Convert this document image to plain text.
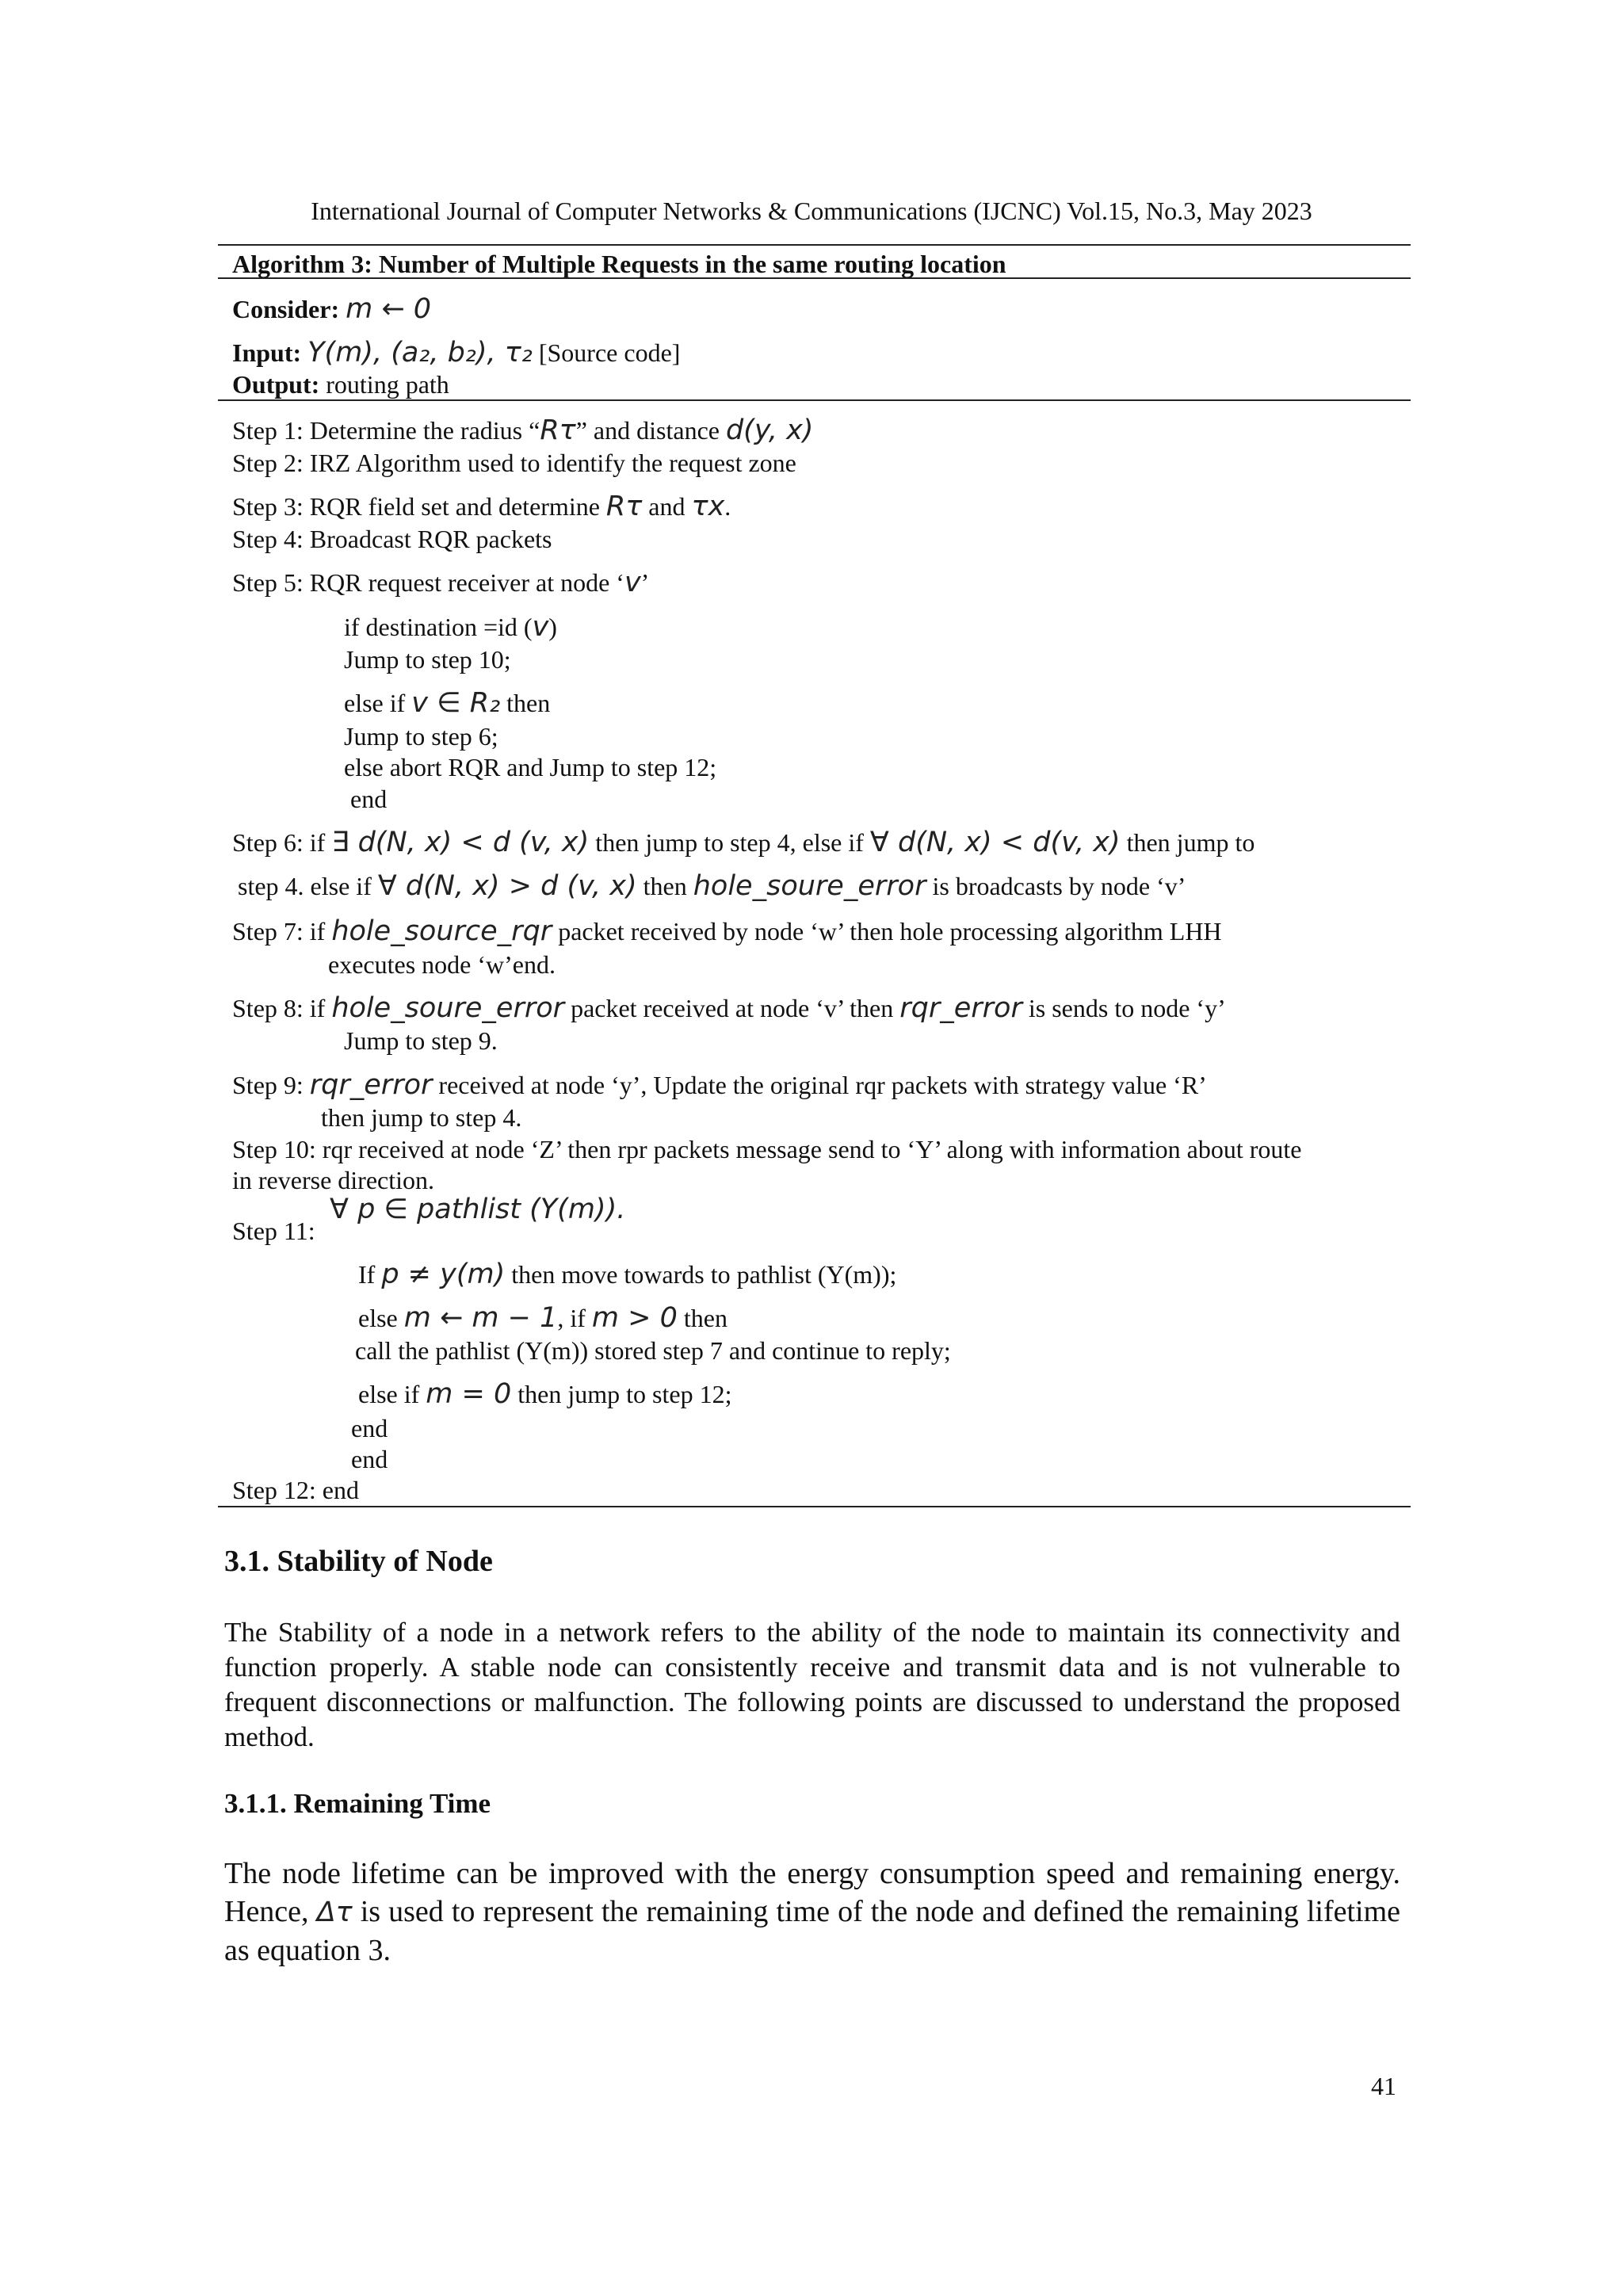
International Journal of Computer Networks & Communications (IJCNC) Vol.15, No.3, May 2023
Algorithm 3: Number of Multiple Requests in the same routing location
Consider: m ← 0
Input: Y(m), (a₂, b₂), τ₂ [Source code]
Output: routing path
Step 1: Determine the radius “Rτ” and distance d(y, x)
Step 2: IRZ Algorithm used to identify the request zone
Step 3: RQR field set and determine Rτ and τx.
Step 4: Broadcast RQR packets
Step 5: RQR request receiver at node ‘v’
if destination =id (v)
Jump to step 10;
else if v ∈ R₂ then
Jump to step 6;
else abort RQR and Jump to step 12;
end
Step 6: if ∃ d(N, x) < d (v, x) then jump to step 4, else if ∀ d(N, x) < d(v, x) then jump to
step 4. else if ∀ d(N, x) > d (v, x) then hole_soure_error is broadcasts by node ‘v’
Step 7: if hole_source_rqr packet received by node ‘w’ then hole processing algorithm LHH
executes node ‘w’end.
Step 8: if hole_soure_error packet received at node ‘v’ then rqr_error is sends to node ‘y’
Jump to step 9.
Step 9: rqr_error received at node ‘y’, Update the original rqr packets with strategy value ‘R’
then jump to step 4.
Step 10: rqr received at node ‘Z’ then rpr packets message send to ‘Y’ along with information about route
in reverse direction.
Step 11:
∀ p ∈ pathlist (Y(m)).
If p ≠ y(m) then move towards to pathlist (Y(m));
else m ← m − 1, if m > 0 then
call the pathlist (Y(m)) stored step 7 and continue to reply;
else if m = 0 then jump to step 12;
end
end
Step 12: end
3.1. Stability of Node
The Stability of a node in a network refers to the ability of the node to maintain its connectivity and function properly. A stable node can consistently receive and transmit data and is not vulnerable to frequent disconnections or malfunction. The following points are discussed to understand the proposed method.
3.1.1. Remaining Time
The node lifetime can be improved with the energy consumption speed and remaining energy. Hence, Δτ is used to represent the remaining time of the node and defined the remaining lifetime as equation 3.
41
